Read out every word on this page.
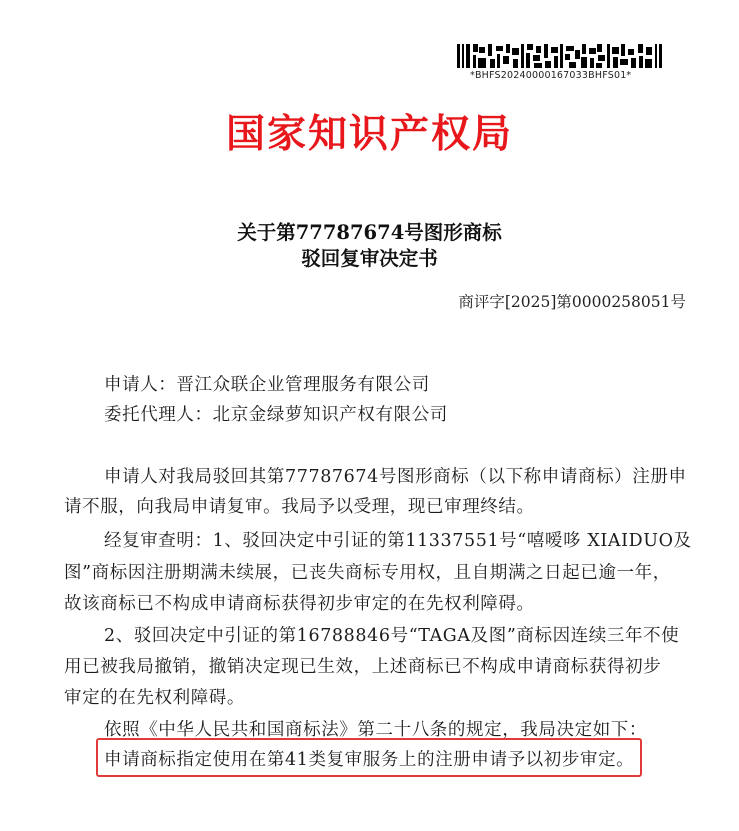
*BHFS20240000167033BHFS01*
国家知识产权局
关于第77787674号图形商标
驳回复审决定书
商评字[2025]第0000258051号
申请人：晋江众联企业管理服务有限公司
委托代理人：北京金绿萝知识产权有限公司
申请人对我局驳回其第77787674号图形商标（以下称申请商标）注册申
请不服，向我局申请复审。我局予以受理，现已审理终结。
经复审查明：1、驳回决定中引证的第11337551号“嘻嗳哆 XIAIDUO及
图”商标因注册期满未续展，已丧失商标专用权，且自期满之日起已逾一年，
故该商标已不构成申请商标获得初步审定的在先权利障碍。
2、驳回决定中引证的第16788846号“TAGA及图”商标因连续三年不使
用已被我局撤销，撤销决定现已生效，上述商标已不构成申请商标获得初步
审定的在先权利障碍。
依照《中华人民共和国商标法》第二十八条的规定，我局决定如下：
申请商标指定使用在第41类复审服务上的注册申请予以初步审定。
